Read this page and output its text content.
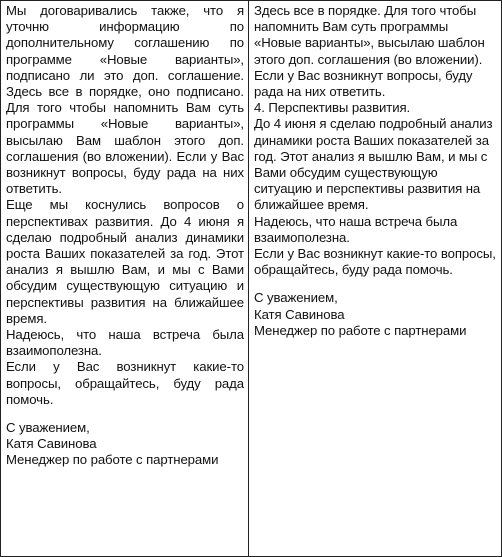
Мы договаривались также, что я уточню информацию по дополнительному соглашению по программе «Новые варианты», подписано ли это доп. соглашение. Здесь все в порядке, оно подписано. Для того чтобы напомнить Вам суть программы «Новые варианты», высылаю Вам шаблон этого доп. соглашения (во вложении). Если у Вас возникнут вопросы, буду рада на них ответить.

Еще мы коснулись вопросов о перспективах развития. До 4 июня я сделаю подробный анализ динамики роста Ваших показателей за год. Этот анализ я вышлю Вам, и мы с Вами обсудим существующую ситуацию и перспективы развития на ближайшее время.

Надеюсь, что наша встреча была взаимополезна.

Если у Вас возникнут какие-то вопросы, обращайтесь, буду рада помочь.

С уважением,

Катя Савинова

Менеджер по работе с партнерами

Здесь все в порядке. Для того чтобы напомнить Вам суть программы «Новые варианты», высылаю шаблон этого доп. соглашения (во вложении). Если у Вас возникнут вопросы, буду рада на них ответить.

4. Перспективы развития.

До 4 июня я сделаю подробный анализ динамики роста Ваших показателей за год. Этот анализ я вышлю Вам, и мы с Вами обсудим существующую ситуацию и перспективы развития на ближайшее время.

Надеюсь, что наша встреча была взаимополезна.

Если у Вас возникнут какие-то вопросы, обращайтесь, буду рада помочь.

С уважением,

Катя Савинова

Менеджер по работе с партнерами
